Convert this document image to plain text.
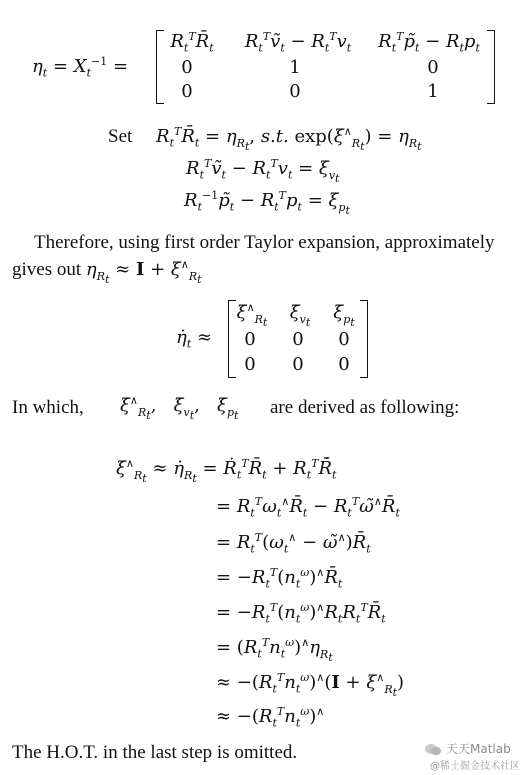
$\eta_t = X_t^{-1}$ =
$R_t^TR̄_t$	$R_t^Tṽ_t - R_t^Tv_t$	$R_t^Tp̃_t - R_tp_t$
0	1	0
0	0	1
Set $R_t^TR̄_t = \eta_{R_t}$, s.t. $\exp(\xi^\wedge_{R_t}) = \eta_{R_t}$
$R_t^Tṽ_t - R_t^Tv_t = \xi_{v_t}$
$R_t^{-1}p̃_t - R_t^Tp_t = \xi_{p_t}$
Therefore, using first order Taylor expansion, approximately
gives out $\eta_{R_t} \approx I + \xi^\wedge_{R_t}$
$\etȧ_t$ ≈
$\xi̇^\wedge_{R_t}$	$\xi̇_{v_t}$	$\xi̇_{p_t}$
0	0	0
0	0	0
In which, $\xi̇^\wedge_{R_t}$,   $\xi̇_{v_t}$,   $\xi̇_{p_t}$ are derived as following:
$\xi̇^\wedge_{R_t}$ ≈ $\etȧ_{R_t}$ = $Ṙ_t^TR̄_t$ + $R_t^TR̄̇_t$
= $R_t^T\omega_t^\wedge R̄_t$ − $R_t^T\omegã^\wedge R̄_t$
= $R_t^T(\omega_t^\wedge$ − $\omegã^\wedge)R̄_t$
= $-R_t^T(n_t^\omega)^\wedge R̄_t$
= $-R_t^T(n_t^\omega)^\wedge R_tR_t^TR̄_t$
= $(R_t^Tn_t^\omega)^\wedge\eta_{R_t}$
≈ $-(R_t^Tn_t^\omega)^\wedge(I + \xi^\wedge_{R_t})$
≈ $-(R_t^Tn_t^\omega)^\wedge$
The H.O.T. in the last step is omitted.	天天Matlab
@稀土掘金技术社区
